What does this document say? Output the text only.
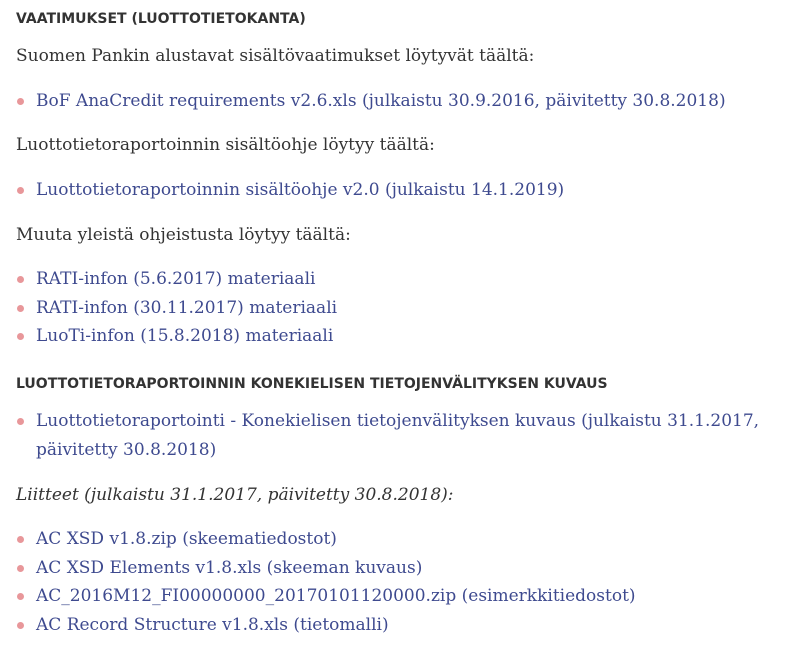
VAATIMUKSET (LUOTTOTIETOKANTA)

Suomen Pankin alustavat sisältövaatimukset löytyvät täältä:

BoF AnaCredit requirements v2.6.xls (julkaistu 30.9.2016, päivitetty 30.8.2018)

Luottotietoraportoinnin sisältöohje löytyy täältä:

Luottotietoraportoinnin sisältöohje v2.0 (julkaistu 14.1.2019)

Muuta yleistä ohjeistusta löytyy täältä:

RATI-infon (5.6.2017) materiaali
RATI-infon (30.11.2017) materiaali
LuoTi-infon (15.8.2018) materiaali
LUOTTOTIETORAPORTOINNIN KONEKIELISEN TIETOJENVÄLITYKSEN KUVAUS
Luottotietoraportointi - Konekielisen tietojenvälityksen kuvaus (julkaistu 31.1.2017, päivitetty 30.8.2018)

Liitteet (julkaistu 31.1.2017, päivitetty 30.8.2018):

AC XSD v1.8.zip (skeematiedostot)
AC XSD Elements v1.8.xls (skeeman kuvaus)
AC_2016M12_FI00000000_20170101120000.zip (esimerkkitiedostot)
AC Record Structure v1.8.xls (tietomalli)
